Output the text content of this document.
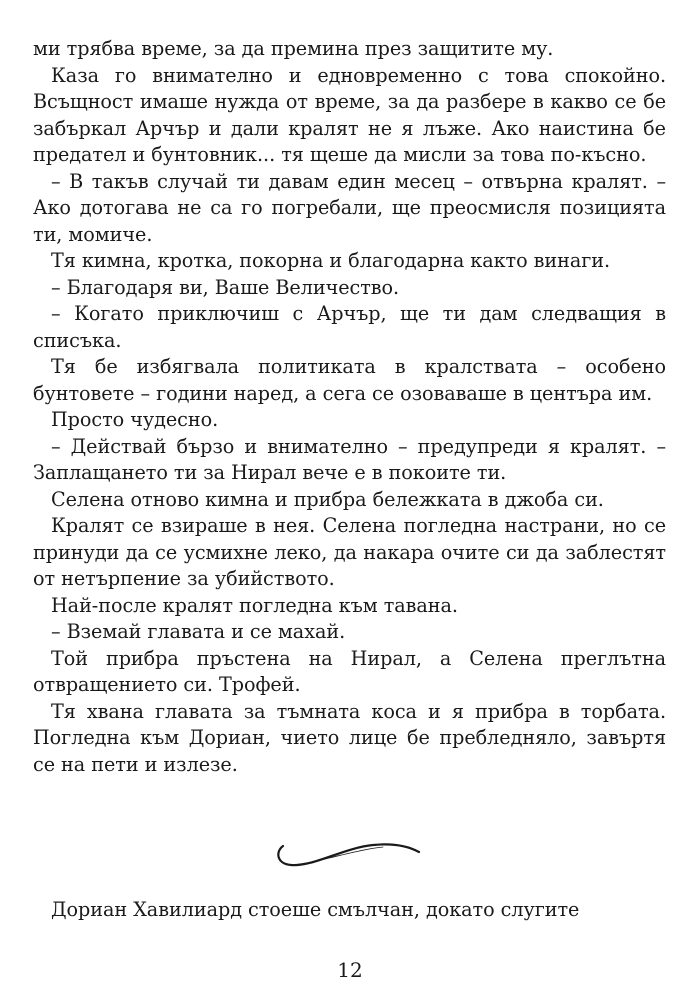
ми трябва време, за да премина през защитите му.

Каза го внимателно и едновременно с това спокойно. Всъщност имаше нужда от време, за да разбере в какво се бе забъркал Арчър и дали кралят не я лъже. Ако наистина бе предател и бунтовник... тя щеше да мисли за това по-късно.

– В такъв случай ти давам един месец – отвърна кралят. – Ако дотогава не са го погребали, ще преосмисля позицията ти, момиче.

Тя кимна, кротка, покорна и благодарна както винаги.

– Благодаря ви, Ваше Величество.

– Когато приключиш с Арчър, ще ти дам следващия в списъка.

Тя бе избягвала политиката в кралствата – особено бунтовете – години наред, а сега се озоваваше в центъра им.

Просто чудесно.

– Действай бързо и внимателно – предупреди я кралят. – Заплащането ти за Нирал вече е в покоите ти.

Селена отново кимна и прибра бележката в джоба си.

Кралят се взираше в нея. Селена погледна настрани, но се принуди да се усмихне леко, да накара очите си да заблестят от нетърпение за убийството.

Най-после кралят погледна към тавана.

– Вземай главата и се махай.

Той прибра пръстена на Нирал, а Селена преглътна отвращението си. Трофей.

Тя хвана главата за тъмната коса и я прибра в торбата. Погледна към Дориан, чието лице бе пребледняло, завъртя се на пети и излезе.

Дориан Хавилиард стоеше смълчан, докато слугите

12
